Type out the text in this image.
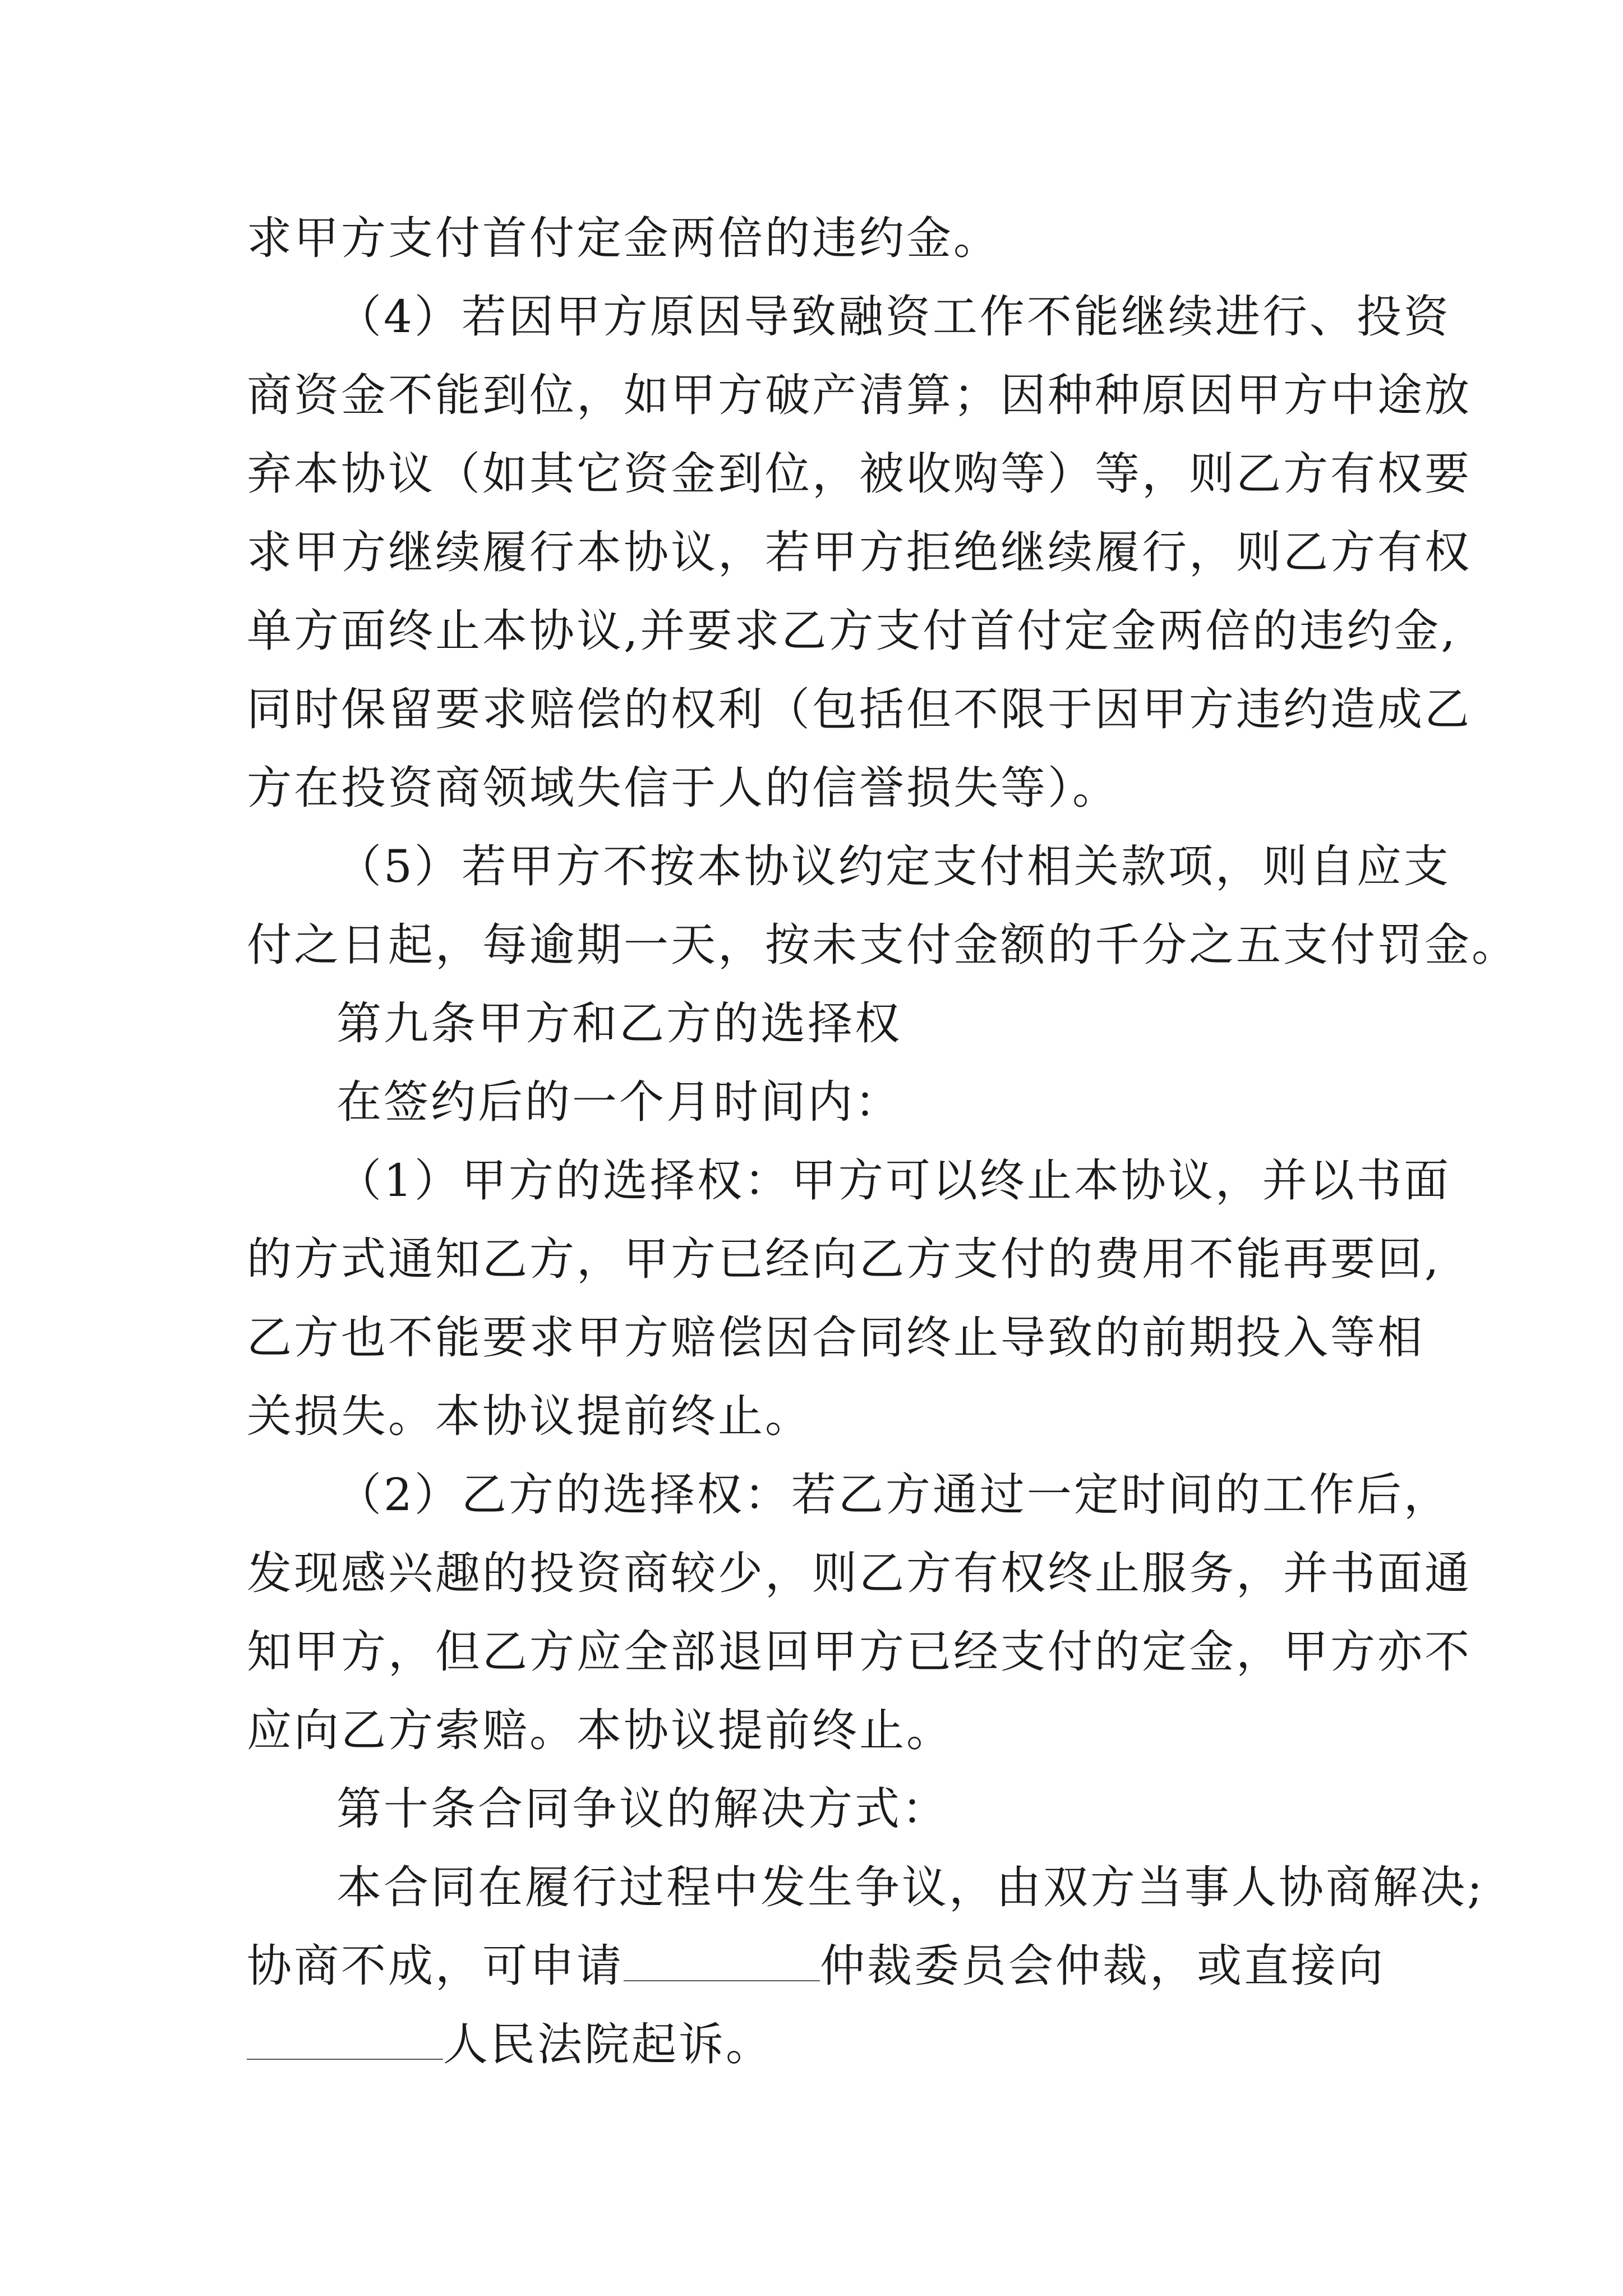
求甲方支付首付定金两倍的违约金。
（4）若因甲方原因导致融资工作不能继续进行、投资
商资金不能到位，如甲方破产清算；因种种原因甲方中途放
弃本协议（如其它资金到位，被收购等）等，则乙方有权要
求甲方继续履行本协议，若甲方拒绝继续履行，则乙方有权
单方面终止本协议,并要求乙方支付首付定金两倍的违约金,
同时保留要求赔偿的权利（包括但不限于因甲方违约造成乙
方在投资商领域失信于人的信誉损失等）。
（5）若甲方不按本协议约定支付相关款项，则自应支
付之日起，每逾期一天，按未支付金额的千分之五支付罚金。
第九条甲方和乙方的选择权
在签约后的一个月时间内：
（1）甲方的选择权：甲方可以终止本协议，并以书面
的方式通知乙方，甲方已经向乙方支付的费用不能再要回,
乙方也不能要求甲方赔偿因合同终止导致的前期投入等相
关损失。本协议提前终止。
（2）乙方的选择权：若乙方通过一定时间的工作后，
发现感兴趣的投资商较少，则乙方有权终止服务，并书面通
知甲方，但乙方应全部退回甲方已经支付的定金，甲方亦不
应向乙方索赔。本协议提前终止。
第十条合同争议的解决方式：
本合同在履行过程中发生争议，由双方当事人协商解决;
协商不成，可申请	仲裁委员会仲裁，或直接向
人民法院起诉。
